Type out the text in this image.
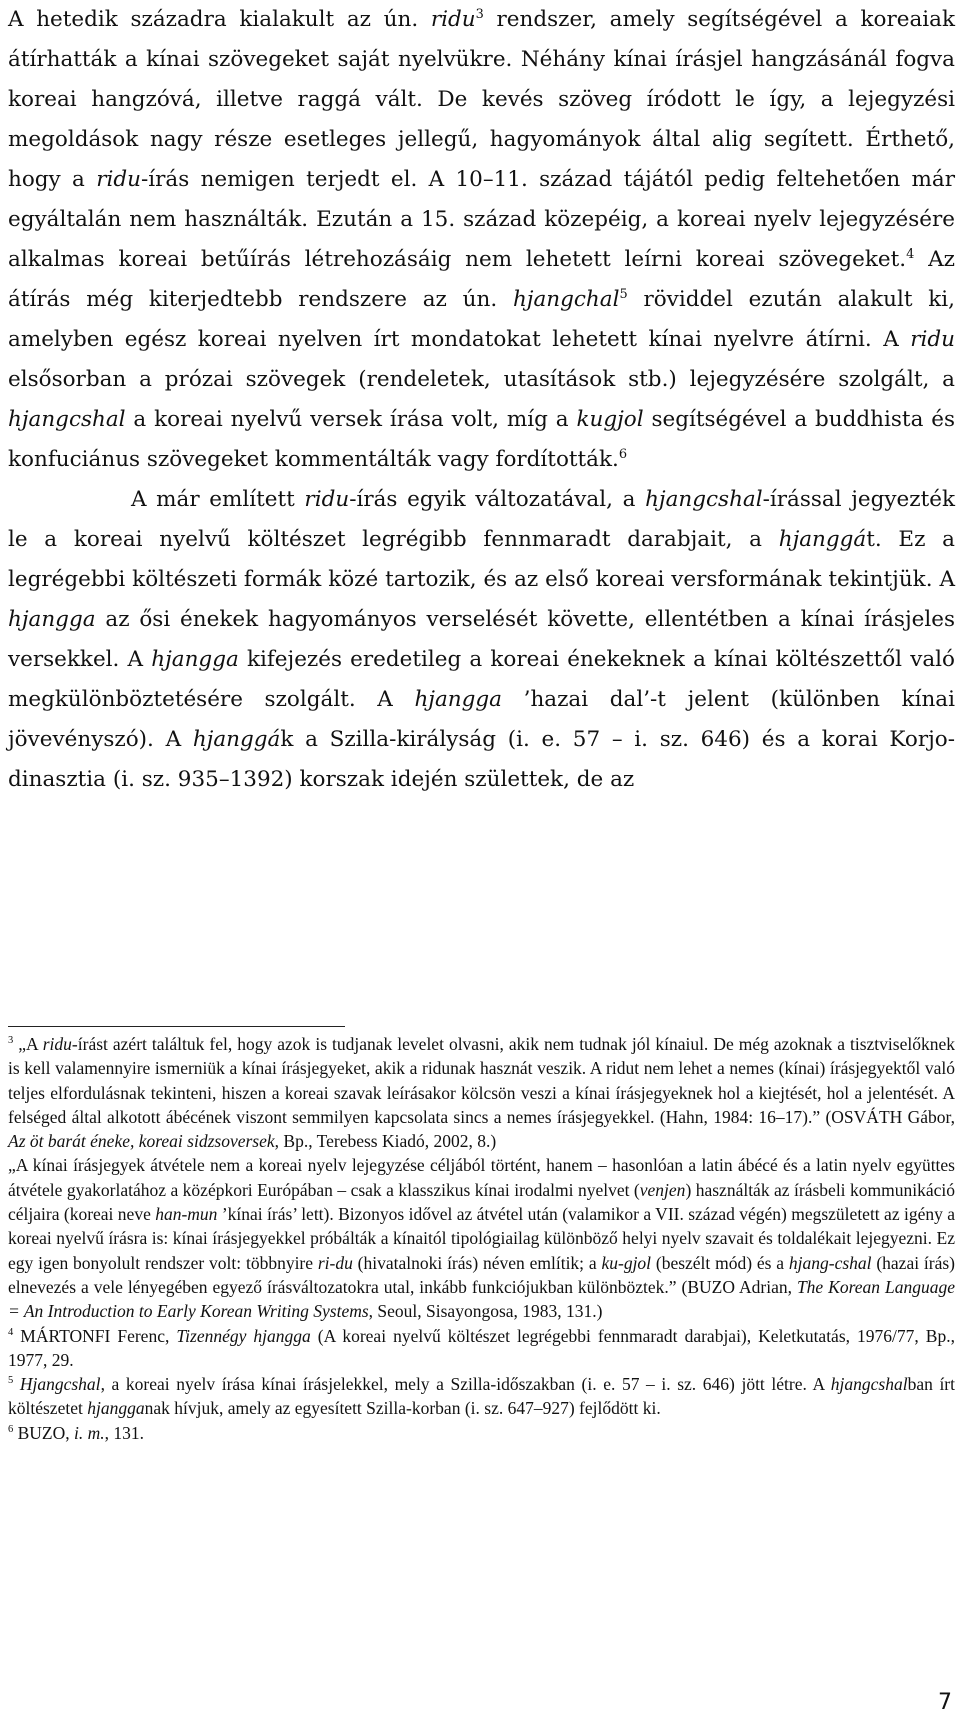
A hetedik századra kialakult az ún. ridu$^3$ rendszer, amely segítségével a koreaiak átírhatták a kínai szövegeket saját nyelvükre. Néhány kínai írásjel hangzásánál fogva koreai hangzóvá, illetve raggá vált. De kevés szöveg íródott le így, a lejegyzési megoldások nagy része esetleges jellegű, hagyományok által alig segített. Érthető, hogy a ridu-írás nemigen terjedt el. A 10–11. század tájától pedig feltehetően már egyáltalán nem használták. Ezután a 15. század közepéig, a koreai nyelv lejegyzésére alkalmas koreai betűírás létrehozásáig nem lehetett leírni koreai szövegeket.$^4$ Az átírás még kiterjedtebb rendszere az ún. hjangchal$^5$ röviddel ezután alakult ki, amelyben egész koreai nyelven írt mondatokat lehetett kínai nyelvre átírni. A ridu elsősorban a prózai szövegek (rendeletek, utasítások stb.) lejegyzésére szolgált, a hjangcshal a koreai nyelvű versek írása volt, míg a kugjol segítségével a buddhista és konfuciánus szövegeket kommentálták vagy fordították.$^6$

A már említett ridu-írás egyik változatával, a hjangcshal-írással jegyezték le a koreai nyelvű költészet legrégibb fennmaradt darabjait, a hjanggát. Ez a legrégebbi költészeti formák közé tartozik, és az első koreai versformának tekintjük. A hjangga az ősi énekek hagyományos verselését követte, ellentétben a kínai írásjeles versekkel. A hjangga kifejezés eredetileg a koreai énekeknek a kínai költészettől való megkülönböztetésére szolgált. A hjangga ’hazai dal’-t jelent (különben kínai jövevényszó). A hjanggák a Szilla-királyság (i. e. 57 – i. sz. 646) és a korai Korjo-dinasztia (i. sz. 935–1392) korszak idején születtek, de az

$^3$ „A ridu-írást azért találtuk fel, hogy azok is tudjanak levelet olvasni, akik nem tudnak jól kínaiul. De még azoknak a tisztviselőknek is kell valamennyire ismerniük a kínai írásjegyeket, akik a ridunak hasznát veszik. A ridut nem lehet a nemes (kínai) írásjegyektől való teljes elfordulásnak tekinteni, hiszen a koreai szavak leírásakor kölcsön veszi a kínai írásjegyeknek hol a kiejtését, hol a jelentését. A felséged által alkotott ábécének viszont semmilyen kapcsolata sincs a nemes írásjegyekkel. (Hahn, 1984: 16–17).” (OSVÁTH Gábor, Az öt barát éneke, koreai sidzsoversek, Bp., Terebess Kiadó, 2002, 8.)

„A kínai írásjegyek átvétele nem a koreai nyelv lejegyzése céljából történt, hanem – hasonlóan a latin ábécé és a latin nyelv együttes átvétele gyakorlatához a középkori Európában – csak a klasszikus kínai irodalmi nyelvet (venjen) használták az írásbeli kommunikáció céljaira (koreai neve han-mun ’kínai írás’ lett). Bizonyos idővel az átvétel után (valamikor a VII. század végén) megszületett az igény a koreai nyelvű írásra is: kínai írásjegyekkel próbálták a kínaitól tipológiailag különböző helyi nyelv szavait és toldalékait lejegyezni. Ez egy igen bonyolult rendszer volt: többnyire ri-du (hivatalnoki írás) néven említik; a ku-gjol (beszélt mód) és a hjang-cshal (hazai írás) elnevezés a vele lényegében egyező írásváltozatokra utal, inkább funkciójukban különböztek.” (BUZO Adrian, The Korean Language = An Introduction to Early Korean Writing Systems, Seoul, Sisayongosa, 1983, 131.)

$^4$ MÁRTONFI Ferenc, Tizennégy hjangga (A koreai nyelvű költészet legrégebbi fennmaradt darabjai), Keletkutatás, 1976/77, Bp., 1977, 29.

$^5$ Hjangcshal, a koreai nyelv írása kínai írásjelekkel, mely a Szilla-időszakban (i. e. 57 – i. sz. 646) jött létre. A hjangcshalban írt költészetet hjangganak hívjuk, amely az egyesített Szilla-korban (i. sz. 647–927) fejlődött ki.

$^6$ BUZO, i. m., 131.

7
